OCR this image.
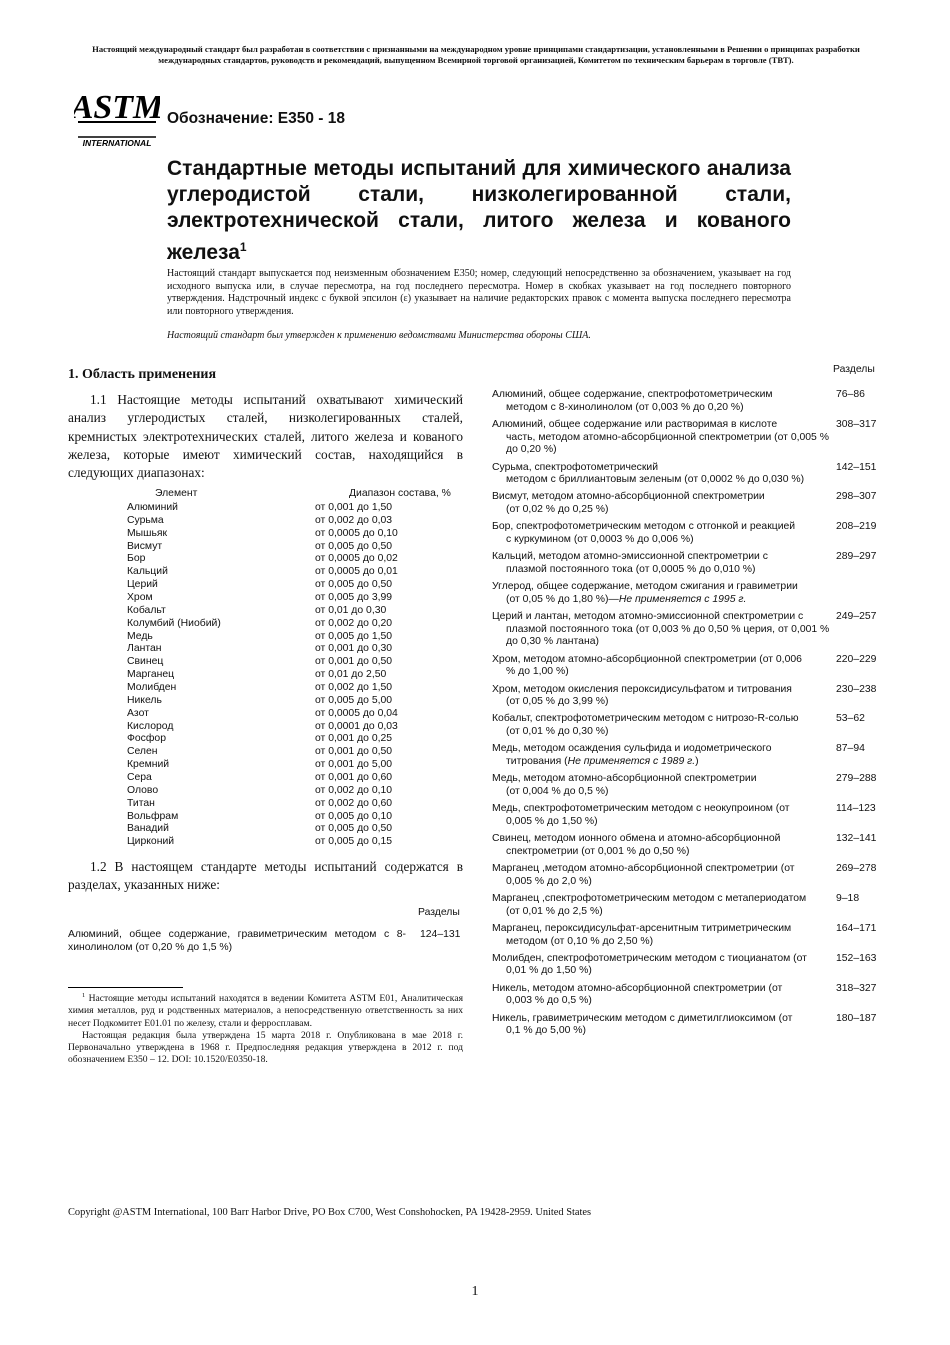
Настоящий международный стандарт был разработан в соответствии с признанными на международном уровне принципами стандартизации, установленными в Решении о принципах разработки международных стандартов, руководств и рекомендаций, выпущенном Всемирной торговой организацией, Комитетом по техническим барьерам в торговле (ТВТ).
ASTM
INTERNATIONAL
Обозначение: E350 - 18
Стандартные методы испытаний для химического анализа углеродистой стали, низколегированной стали, электротехнической стали, литого железа и кованого железа$^1$
Настоящий стандарт выпускается под неизменным обозначением E350; номер, следующий непосредственно за обозначением, указывает на год исходного выпуска или, в случае пересмотра, на год последнего пересмотра. Номер в скобках указывает на год последнего повторного утверждения. Надстрочный индекс с буквой эпсилон (ε) указывает на наличие редакторских правок с момента выпуска последнего пересмотра или повторного утверждения.
Настоящий стандарт был утвержден к применению ведомствами Министерства обороны США.
1. Область применения
1.1 Настоящие методы испытаний охватывают химический анализ углеродистых сталей, низколегированных сталей, кремнистых электротехнических сталей, литого железа и кованого железа, которые имеют химический состав, находящийся в следующих диапазонах:
Элемент	Диапазон состава, %
Алюминий	от 0,001 до 1,50
Сурьма	от 0,002 до 0,03
Мышьяк	от 0,0005 до 0,10
Висмут	от 0,005 до 0,50
Бор	от 0,0005 до 0,02
Кальций	от 0,0005 до 0,01
Церий	от 0,005 до 0,50
Хром	от 0,005 до 3,99
Кобальт	от 0,01 до 0,30
Колумбий (Ниобий)	от 0,002 до 0,20
Медь	от 0,005 до 1,50
Лантан	от 0,001 до 0,30
Свинец	от 0,001 до 0,50
Марганец	от 0,01 до 2,50
Молибден	от 0,002 до 1,50
Никель	от 0,005 до 5,00
Азот	от 0,0005 до 0,04
Кислород	от 0,0001 до 0,03
Фосфор	от 0,001 до 0,25
Селен	от 0,001 до 0,50
Кремний	от 0,001 до 5,00
Сера	от 0,001 до 0,60
Олово	от 0,002 до 0,10
Титан	от 0,002 до 0,60
Вольфрам	от 0,005 до 0,10
Ванадий	от 0,005 до 0,50
Цирконий	от 0,005 до 0,15
1.2 В настоящем стандарте методы испытаний содержатся в разделах, указанных ниже:
Разделы
Алюминий, общее содержание, гравиметрическим методом с 8-хинолинолом (от 0,20 % до 1,5 %)
124–131

$^1$ Настоящие методы испытаний находятся в ведении Комитета ASTM E01, Аналитическая химия металлов, руд и родственных материалов, а непосредственную ответственность за них несет Подкомитет E01.01 по железу, стали и ферросплавам.

Настоящая редакция была утверждена 15 марта 2018 г. Опубликована в мае 2018 г. Первоначально утверждена в 1968 г. Предпоследняя редакция утверждена в 2012 г. под обозначением E350 – 12. DOI: 10.1520/E0350-18.

Разделы
Алюминий, общее содержание, спектрофотометрическим
методом с 8-хинолинолом (от 0,003 % до 0,20 %)
76–86
Алюминий, общее содержание или растворимая в кислоте
часть, методом атомно-абсорбционной спектрометрии (от 0,005 % до 0,20 %)
308–317
Сурьма, спектрофотометрический
методом с бриллиантовым зеленым (от 0,0002 % до 0,030 %)
142–151
Висмут, методом атомно-абсорбционной спектрометрии
(от 0,02 % до 0,25 %)
298–307
Бор, спектрофотометрическим методом с отгонкой и реакцией
с куркумином (от 0,0003 % до 0,006 %)
208–219
Кальций, методом атомно-эмиссионной спектрометрии с
плазмой постоянного тока (от 0,0005 % до 0,010 %)
289–297
Углерод, общее содержание, методом сжигания и гравиметрии
(от 0,05 % до 1,80 %)—Не применяется с 1995 г.
Церий и лантан, методом атомно-эмиссионной спектрометрии с
плазмой постоянного тока (от 0,003 % до 0,50 % церия, от 0,001 % до 0,30 % лантана)
249–257
Хром, методом атомно-абсорбционной спектрометрии (от 0,006
% до 1,00 %)
220–229
Хром, методом окисления пероксидисульфатом и титрования
(от 0,05 % до 3,99 %)
230–238
Кобальт, спектрофотометрическим методом с нитрозо-R-солью
(от 0,01 % до 0,30 %)
53–62
Медь, методом осаждения сульфида и иодометрического
титрования (Не применяется с 1989 г.)
87–94
Медь, методом атомно-абсорбционной спектрометрии
(от 0,004 % до 0,5 %)
279–288
Медь, спектрофотометрическим методом с неокупроином (от
0,005 % до 1,50 %)
114–123
Свинец, методом ионного обмена и атомно-абсорбционной
спектрометрии (от 0,001 % до 0,50 %)
132–141
Марганец ,методом атомно-абсорбционной спектрометрии (от
0,005 % до 2,0 %)
269–278
Марганец ,спектрофотометрическим методом с метапериодатом
(от 0,01 % до 2,5 %)
9–18
Марганец, пероксидисульфат-арсенитным титриметрическим
методом (от 0,10 % до 2,50 %)
164–171
Молибден, спектрофотометрическим методом с тиоцианатом (от
0,01 % до 1,50 %)
152–163
Никель, методом атомно-абсорбционной спектрометрии (от
0,003 % до 0,5 %)
318–327
Никель, гравиметрическим методом с диметилглиоксимом (от
0,1 % до 5,00 %)
180–187
Copyright @ASTM International, 100 Barr Harbor Drive, PO Box C700, West Conshohocken, PA 19428-2959. United States
1
